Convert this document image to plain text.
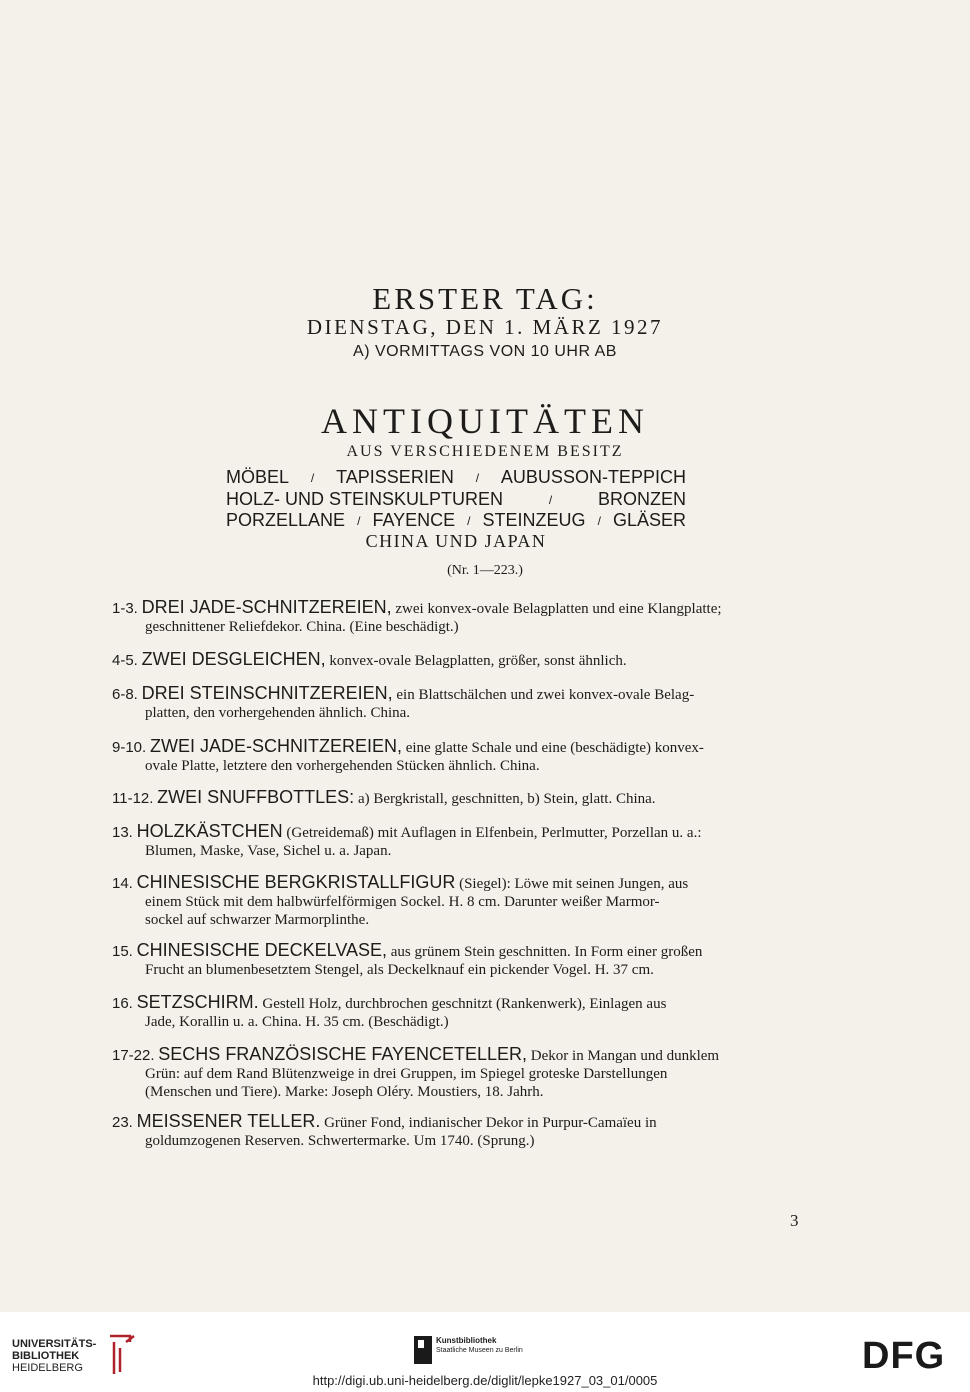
ERSTER TAG:
DIENSTAG, DEN 1. MÄRZ 1927
A) VORMITTAGS VON 10 UHR AB
ANTIQUITÄTEN
AUS VERSCHIEDENEM BESITZ
MÖBEL / TAPISSERIEN / AUBUSSON-TEPPICH
HOLZ- UND STEINSKULPTUREN	/	BRONZEN
PORZELLANE / FAYENCE / STEINZEUG / GLÄSER
CHINA UND JAPAN
(Nr. 1—223.)
1-3. DREI JADE-SCHNITZEREIEN, zwei konvex-ovale Belagplatten und eine Klangplatte;
geschnittener Reliefdekor. China. (Eine beschädigt.)
4-5. ZWEI DESGLEICHEN, konvex-ovale Belagplatten, größer, sonst ähnlich.
6-8. DREI STEINSCHNITZEREIEN, ein Blattschälchen und zwei konvex-ovale Belag-
platten, den vorhergehenden ähnlich. China.
9-10. ZWEI JADE-SCHNITZEREIEN, eine glatte Schale und eine (beschädigte) konvex-
ovale Platte, letztere den vorhergehenden Stücken ähnlich. China.
11-12. ZWEI SNUFFBOTTLES: a) Bergkristall, geschnitten, b) Stein, glatt. China.
13. HOLZKÄSTCHEN (Getreidemaß) mit Auflagen in Elfenbein, Perlmutter, Porzellan u. a.:
Blumen, Maske, Vase, Sichel u. a. Japan.
14. CHINESISCHE BERGKRISTALLFIGUR (Siegel): Löwe mit seinen Jungen, aus
einem Stück mit dem halbwürfelförmigen Sockel. H. 8 cm. Darunter weißer Marmor-
sockel auf schwarzer Marmorplinthe.
15. CHINESISCHE DECKELVASE, aus grünem Stein geschnitten. In Form einer großen
Frucht an blumenbesetztem Stengel, als Deckelknauf ein pickender Vogel. H. 37 cm.
16. SETZSCHIRM. Gestell Holz, durchbrochen geschnitzt (Rankenwerk), Einlagen aus
Jade, Korallin u. a. China. H. 35 cm. (Beschädigt.)
17-22. SECHS FRANZÖSISCHE FAYENCETELLER, Dekor in Mangan und dunklem
Grün: auf dem Rand Blütenzweige in drei Gruppen, im Spiegel groteske Darstellungen
(Menschen und Tiere). Marke: Joseph Oléry. Moustiers, 18. Jahrh.
23. MEISSENER TELLER. Grüner Fond, indianischer Dekor in Purpur-Camaïeu in
goldumzogenen Reserven. Schwertermarke. Um 1740. (Sprung.)
3
UNIVERSITÄTS-
BIBLIOTHEK
HEIDELBERG
Kunstbibliothek
Staatliche Museen zu Berlin	DFG
http://digi.ub.uni-heidelberg.de/diglit/lepke1927_03_01/0005
